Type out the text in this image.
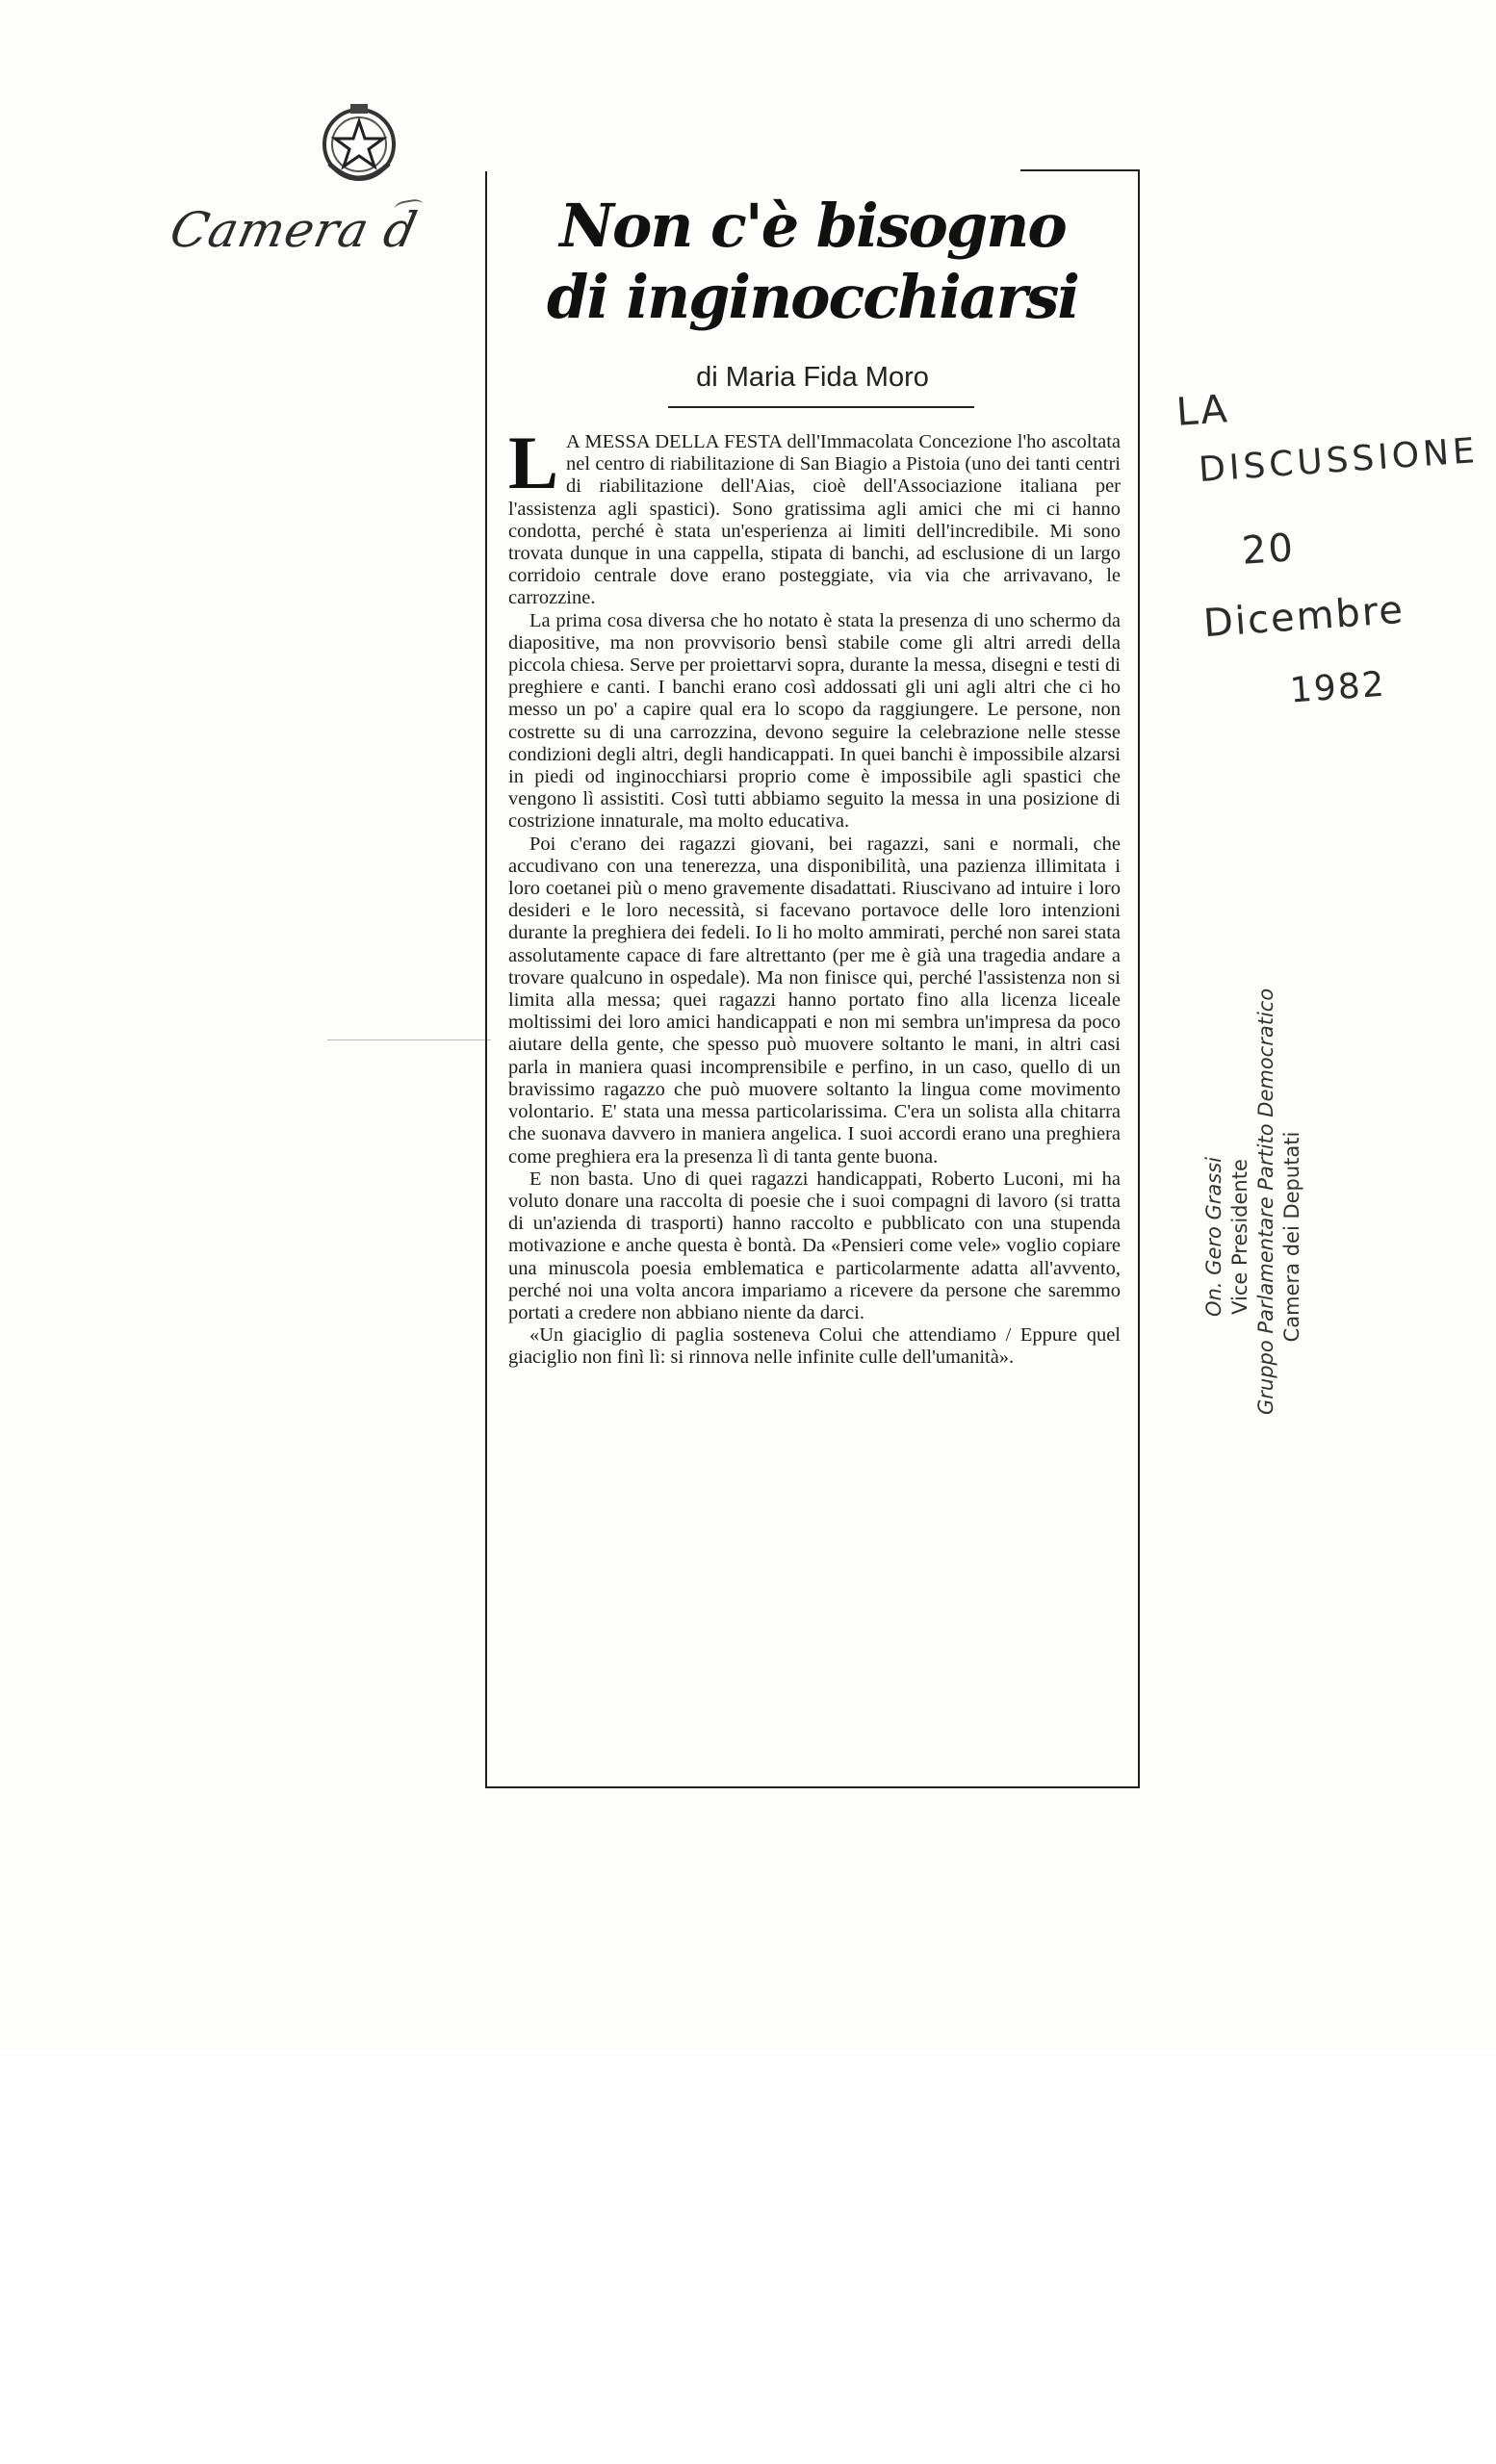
Camera d	Non c'è bisogno
di inginocchiarsi
di Maria Fida Moro

L A MESSA DELLA FESTA dell'Immacolata Concezione l'ho ascoltata nel centro di riabilitazione di San Biagio a Pistoia (uno dei tanti centri di riabilitazione dell'Aias, cioè dell'Associazione italiana per l'assistenza agli spastici). Sono gratissima agli amici che mi ci hanno condotta, perché è stata un'esperienza ai limiti dell'incredibile. Mi sono trovata dunque in una cappella, stipata di banchi, ad esclusione di un largo corridoio centrale dove erano posteggiate, via via che arrivavano, le carrozzine.

La prima cosa diversa che ho notato è stata la presenza di uno schermo da diapositive, ma non provvisorio bensì stabile come gli altri arredi della piccola chiesa. Serve per proiettarvi sopra, durante la messa, disegni e testi di preghiere e canti. I banchi erano così addossati gli uni agli altri che ci ho messo un po' a capire qual era lo scopo da raggiungere. Le persone, non costrette su di una carrozzina, devono seguire la celebrazione nelle stesse condizioni degli altri, degli handicappati. In quei banchi è impossibile alzarsi in piedi od inginocchiarsi proprio come è impossibile agli spastici che vengono lì assistiti. Così tutti abbiamo seguito la messa in una posizione di costrizione innaturale, ma molto educativa.

Poi c'erano dei ragazzi giovani, bei ragazzi, sani e normali, che accudivano con una tenerezza, una disponibilità, una pazienza illimitata i loro coetanei più o meno gravemente disadattati. Riuscivano ad intuire i loro desideri e le loro necessità, si facevano portavoce delle loro intenzioni durante la preghiera dei fedeli. Io li ho molto ammirati, perché non sarei stata assolutamente capace di fare altrettanto (per me è già una tragedia andare a trovare qualcuno in ospedale). Ma non finisce qui, perché l'assistenza non si limita alla messa; quei ragazzi hanno portato fino alla licenza liceale moltissimi dei loro amici handicappati e non mi sembra un'impresa da poco aiutare della gente, che spesso può muovere soltanto le mani, in altri casi parla in maniera quasi incomprensibile e perfino, in un caso, quello di un bravissimo ragazzo che può muovere soltanto la lingua come movimento volontario. E' stata una messa particolarissima. C'era un solista alla chitarra che suonava davvero in maniera angelica. I suoi accordi erano una preghiera come preghiera era la presenza lì di tanta gente buona.

E non basta. Uno di quei ragazzi handicappati, Roberto Luconi, mi ha voluto donare una raccolta di poesie che i suoi compagni di lavoro (si tratta di un'azienda di trasporti) hanno raccolto e pubblicato con una stupenda motivazione e anche questa è bontà. Da «Pensieri come vele» voglio copiare una minuscola poesia emblematica e particolarmente adatta all'avvento, perché noi una volta ancora impariamo a ricevere da persone che saremmo portati a credere non abbiano niente da darci.

«Un giaciglio di paglia sosteneva Colui che attendiamo / Eppure quel giaciglio non finì lì: si rinnova nelle infinite culle dell'umanità».

LA
DISCUSSIONE
20
Dicembre
1982
On. Gero Grassi Vice Presidente Gruppo Parlamentare Partito Democratico Camera dei Deputati
